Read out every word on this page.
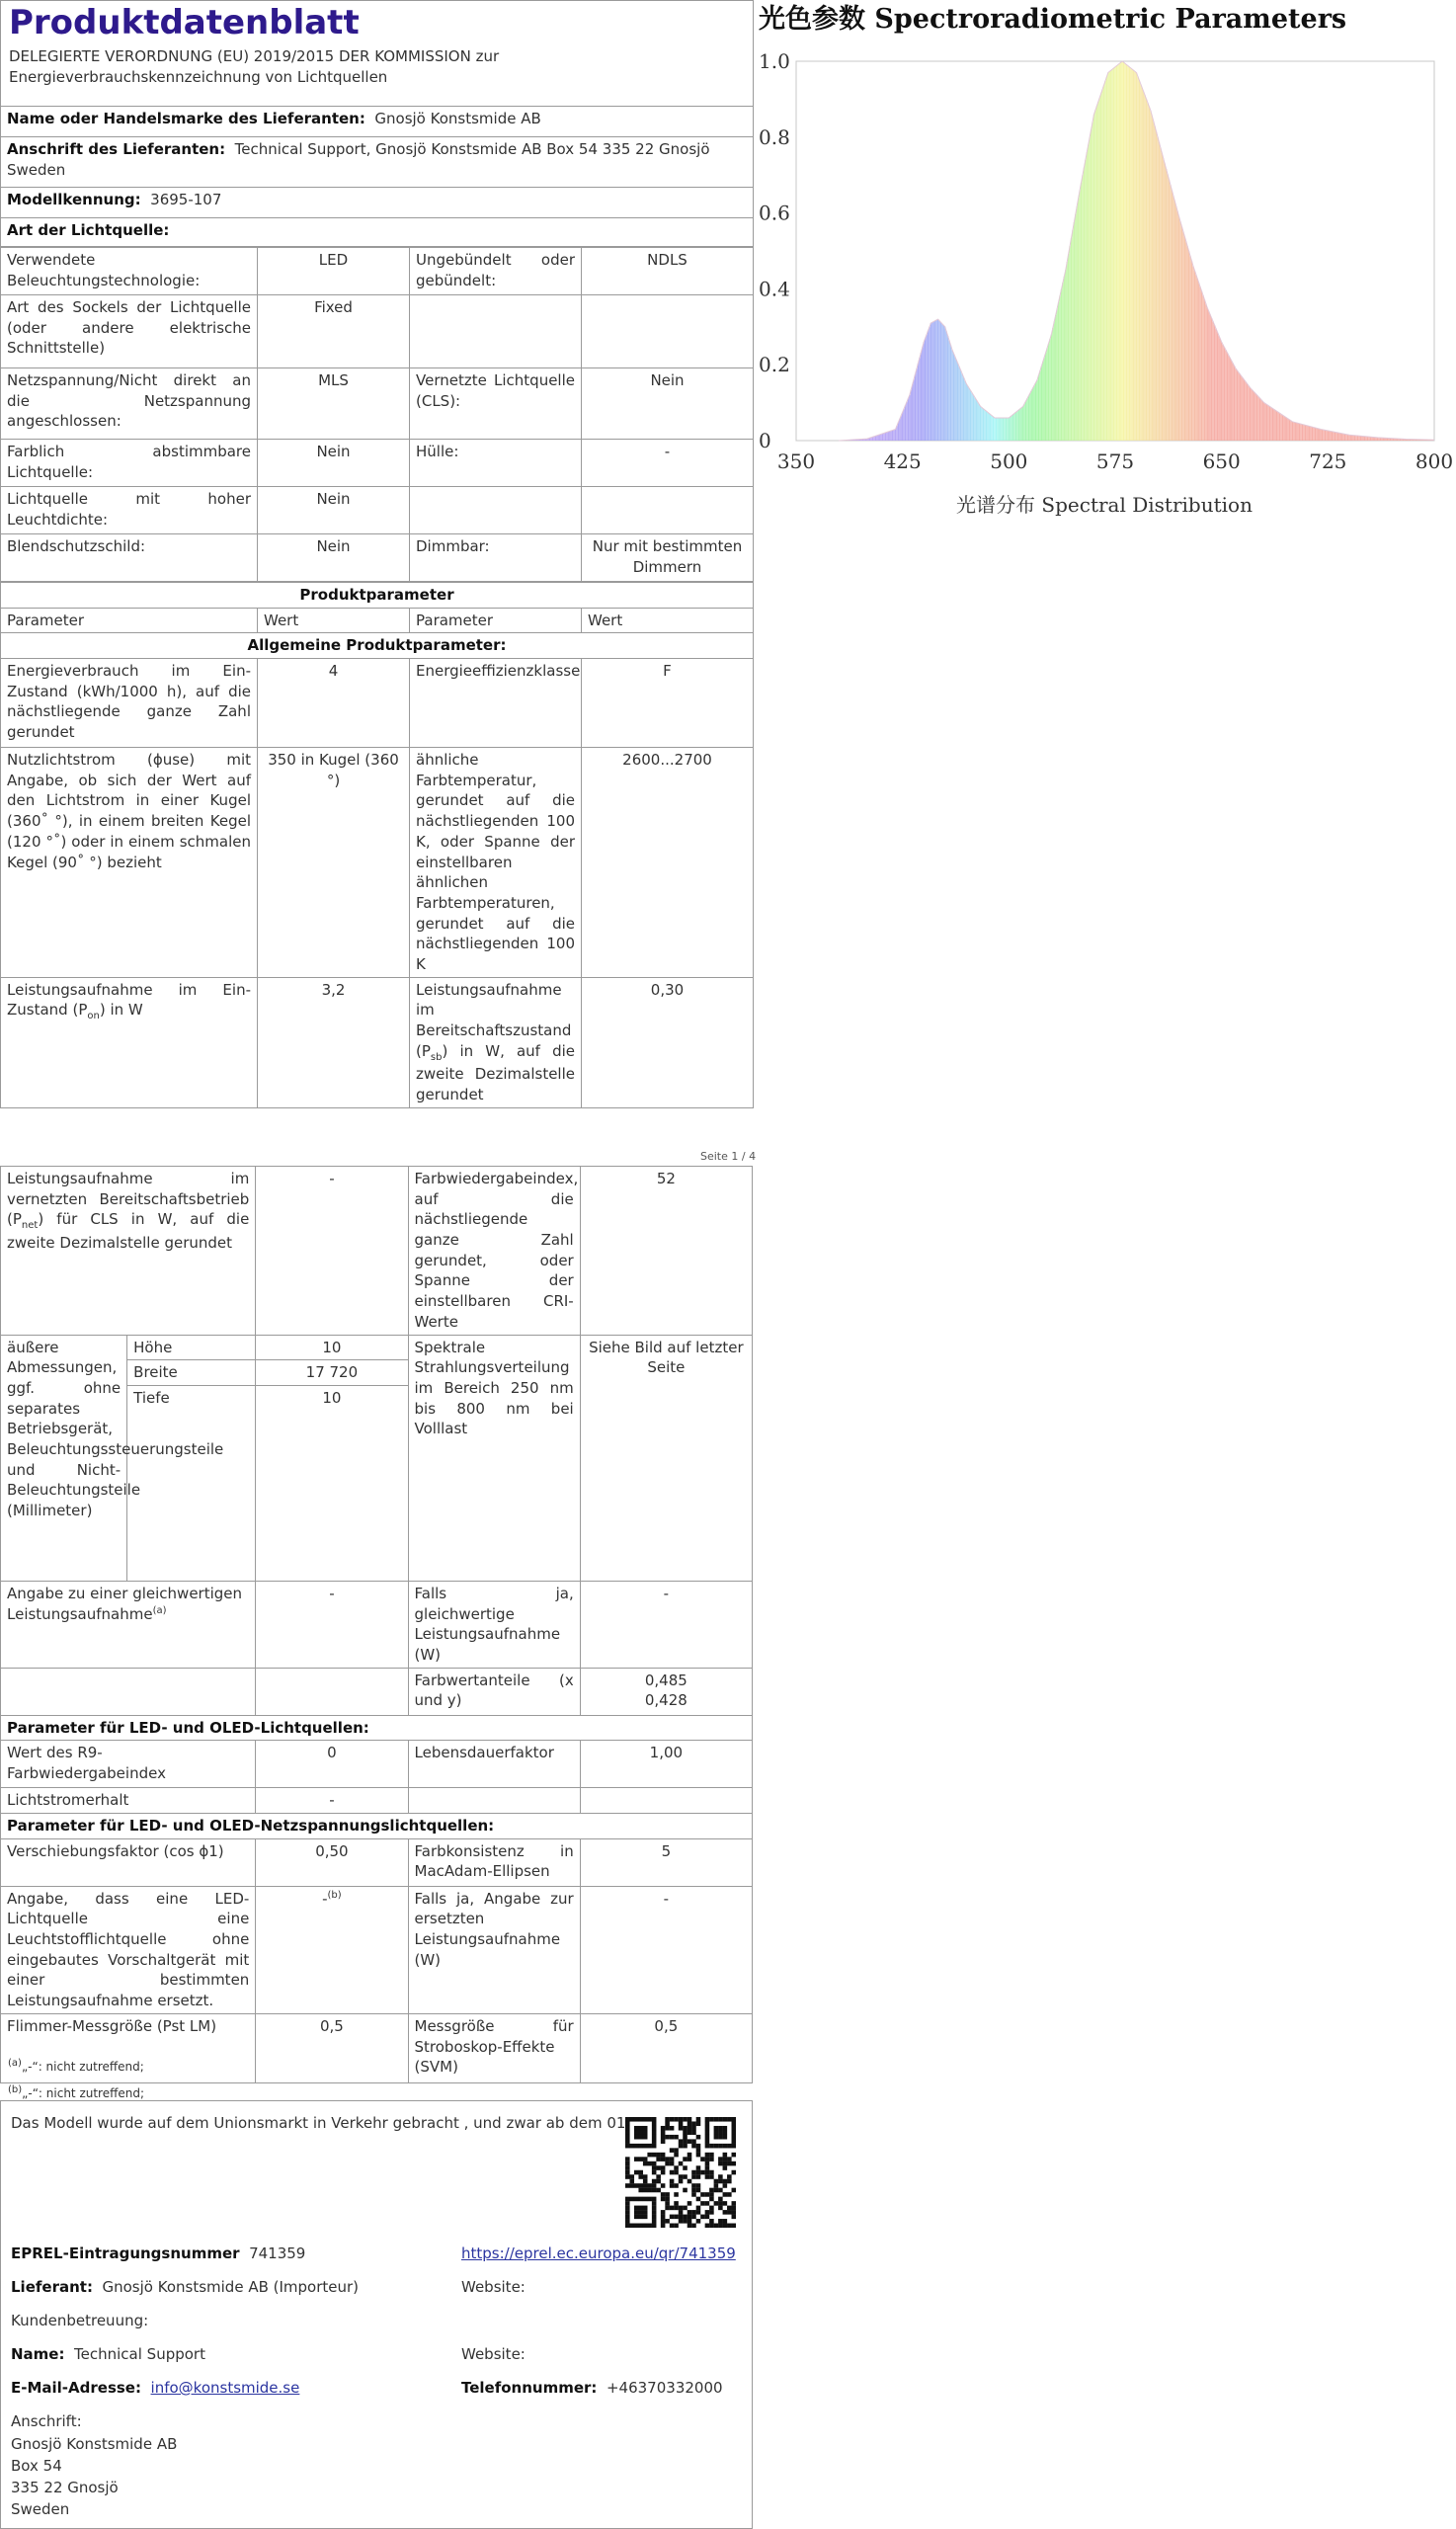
Produktdatenblatt

DELEGIERTE VERORDNUNG (EU) 2019/2015 DER KOMMISSION zur Energieverbrauchskennzeichnung von Lichtquellen

Name oder Handelsmarke des Lieferanten: Gnosjö Konstsmide AB
Anschrift des Lieferanten: Technical Support, Gnosjö Konstsmide AB Box 54 335 22 Gnosjö Sweden
Modellkennung: 3695-107
Art der Lichtquelle:
Verwendete Beleuchtungstechnologie:	LED	Ungebündelt oder gebündelt:	NDLS
Art des Sockels der Lichtquelle (oder andere elektrische Schnittstelle)	Fixed		
Netzspannung/Nicht direkt an die Netzspannung angeschlossen:	MLS	Vernetzte Lichtquelle (CLS):	Nein
Farblich abstimmbare Lichtquelle:	Nein	Hülle:	-
Lichtquelle mit hoher Leuchtdichte:	Nein		
Blendschutzschild:	Nein	Dimmbar:	Nur mit bestimmten Dimmern
Produktparameter			
Parameter	Wert	Parameter	Wert
Allgemeine Produktparameter:			
Energieverbrauch im Ein-Zustand (kWh/1000 h), auf die nächstliegende ganze Zahl gerundet	4	Energieeffizienzklasse	F
Nutzlichtstrom (ɸuse) mit Angabe, ob sich der Wert auf den Lichtstrom in einer Kugel (360˚ °), in einem breiten Kegel (120 °˚) oder in einem schmalen Kegel (90˚ °) bezieht	350 in Kugel (360 °)	ähnliche Farbtemperatur, gerundet auf die nächstliegenden 100 K, oder Spanne der einstellbaren ähnlichen Farbtemperaturen, gerundet auf die nächstliegenden 100 K	2600...2700
Leistungsaufnahme im Ein-Zustand $(P_{on})$ in W	3,2	Leistungsaufnahme im Bereitschaftszustand $(P_{sb})$ in W, auf die zweite Dezimalstelle gerundet	0,30
Seite 1 / 4
Leistungsaufnahme im vernetzten Bereitschaftsbetrieb $(P_{net})$ für CLS in W, auf die zweite Dezimalstelle gerundet		-	Farbwiedergabeindex, auf die nächstliegende ganze Zahl gerundet, oder Spanne der einstellbaren CRI-Werte	52
äußere Abmessungen, ggf. ohne separates Betriebsgerät, Beleuchtungssteuerungsteile und Nicht-Beleuchtungsteile (Millimeter)	Höhe	10	Spektrale Strahlungsverteilung im Bereich 250 nm bis 800 nm bei Volllast	Siehe Bild auf letzter Seite
	Breite	17 720		
	Tiefe	10		
Angabe zu einer gleichwertigen Leistungsaufnahme$^{(a)}$		-	Falls ja, gleichwertige Leistungsaufnahme (W)	-
			Farbwertanteile (x und y)	0,485
0,428

Parameter für LED- und OLED-Lichtquellen:				
Wert des R9-Farbwiedergabeindex		0	Lebensdauerfaktor	1,00
Lichtstromerhalt		-		
Parameter für LED- und OLED-Netzspannungslichtquellen:				
Verschiebungsfaktor (cos ϕ1)		0,50	Farbkonsistenz in MacAdam-Ellipsen	5
Angabe, dass eine LED-Lichtquelle eine Leuchtstofflichtquelle ohne eingebautes Vorschaltgerät mit einer bestimmten Leistungsaufnahme ersetzt.		-$^{(b)}$	Falls ja, Angabe zur ersetzten Leistungsaufnahme (W)	-
Flimmer-Messgröße (Pst LM)		0,5	Messgröße für Stroboskop-Effekte (SVM)	0,5
$^{(a)}$„-“: nicht zutreffend;
$^{(b)}$„-“: nicht zutreffend;
Das Modell wurde auf dem Unionsmarkt in Verkehr gebracht , und zwar ab dem 01
EPREL-Eintragungsnummer 741359	https://eprel.ec.europa.eu/qr/741359
Lieferant: Gnosjö Konstsmide AB (Importeur)	Website:
Kundenbetreuung:
Name: Technical Support	Website:
E-Mail-Adresse: info@konstsmide.se	Telefonnummer: +46370332000
Anschrift:
Gnosjö Konstsmide AB
Box 54
335 22 Gnosjö
Sweden
光色参数 Spectroradiometric Parameters
光谱分布 Spectral Distribution
350	425	500	575	650	725	800
0
0.2
0.4
0.6
0.8
1.0
